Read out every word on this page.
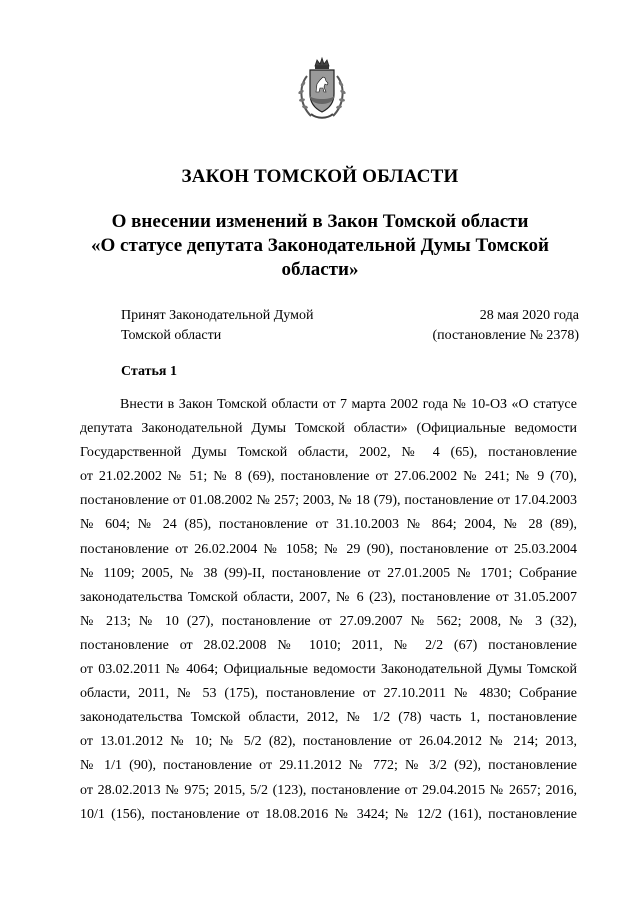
ЗАКОН ТОМСКОЙ ОБЛАСТИ
О внесении изменений в Закон Томской области
«О статусе депутата Законодательной Думы Томской
области»
Принят Законодательной Думой
Томской области
28 мая 2020 года
(постановление № 2378)
Статья 1
Внести в Закон Томской области от 7 марта 2002 года № 10-ОЗ «О статусе
депутата Законодательной Думы Томской области» (Официальные ведомости
Государственной Думы Томской области, 2002, № 4 (65), постановление
от 21.02.2002 № 51; № 8 (69), постановление от 27.06.2002 № 241; № 9 (70),
постановление от 01.08.2002 № 257; 2003, № 18 (79), постановление от 17.04.2003
№ 604; № 24 (85), постановление от 31.10.2003 № 864; 2004, № 28 (89),
постановление от 26.02.2004 № 1058; № 29 (90), постановление от 25.03.2004
№ 1109; 2005, № 38 (99)-II, постановление от 27.01.2005 № 1701; Собрание
законодательства Томской области, 2007, № 6 (23), постановление от 31.05.2007
№ 213; № 10 (27), постановление от 27.09.2007 № 562; 2008, № 3 (32),
постановление от 28.02.2008 № 1010; 2011, № 2/2 (67) постановление
от 03.02.2011 № 4064; Официальные ведомости Законодательной Думы Томской
области, 2011, № 53 (175), постановление от 27.10.2011 № 4830; Собрание
законодательства Томской области, 2012, № 1/2 (78) часть 1, постановление
от 13.01.2012 № 10; № 5/2 (82), постановление от 26.04.2012 № 214; 2013,
№ 1/1 (90), постановление от 29.11.2012 № 772; № 3/2 (92), постановление
от 28.02.2013 № 975; 2015, 5/2 (123), постановление от 29.04.2015 № 2657; 2016,
10/1 (156), постановление от 18.08.2016 № 3424; № 12/2 (161), постановление
